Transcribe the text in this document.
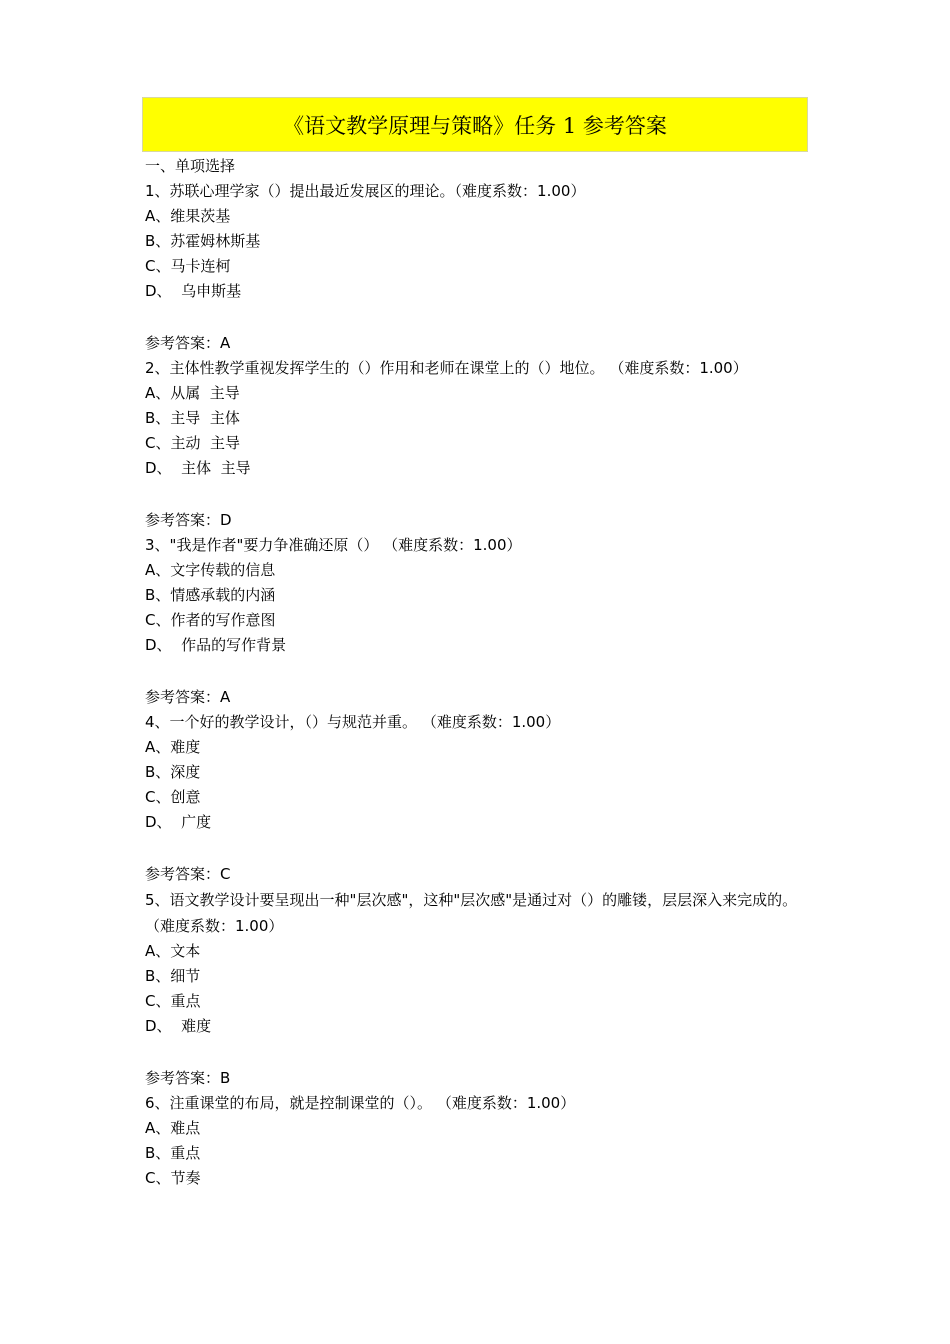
《语文教学原理与策略》任务 1 参考答案
一、单项选择
1、苏联心理学家（）提出最近发展区的理论。（难度系数：1.00）
A、维果茨基
B、苏霍姆林斯基
C、马卡连柯
D、  乌申斯基
参考答案：A
2、主体性教学重视发挥学生的（）作用和老师在课堂上的（）地位。 （难度系数：1.00）
A、从属  主导
B、主导  主体
C、主动  主导
D、  主体  主导
参考答案：D
3、"我是作者"要力争准确还原（） （难度系数：1.00）
A、文字传载的信息
B、情感承载的内涵
C、作者的写作意图
D、  作品的写作背景
参考答案：A
4、一个好的教学设计，（）与规范并重。 （难度系数：1.00）
A、难度
B、深度
C、创意
D、  广度
参考答案：C
5、语文教学设计要呈现出一种"层次感"，这种"层次感"是通过对（）的雕镂，层层深入来完成的。（难度系数：1.00）
A、文本
B、细节
C、重点
D、  难度
参考答案：B
6、注重课堂的布局，就是控制课堂的（）。 （难度系数：1.00）
A、难点
B、重点
C、节奏
